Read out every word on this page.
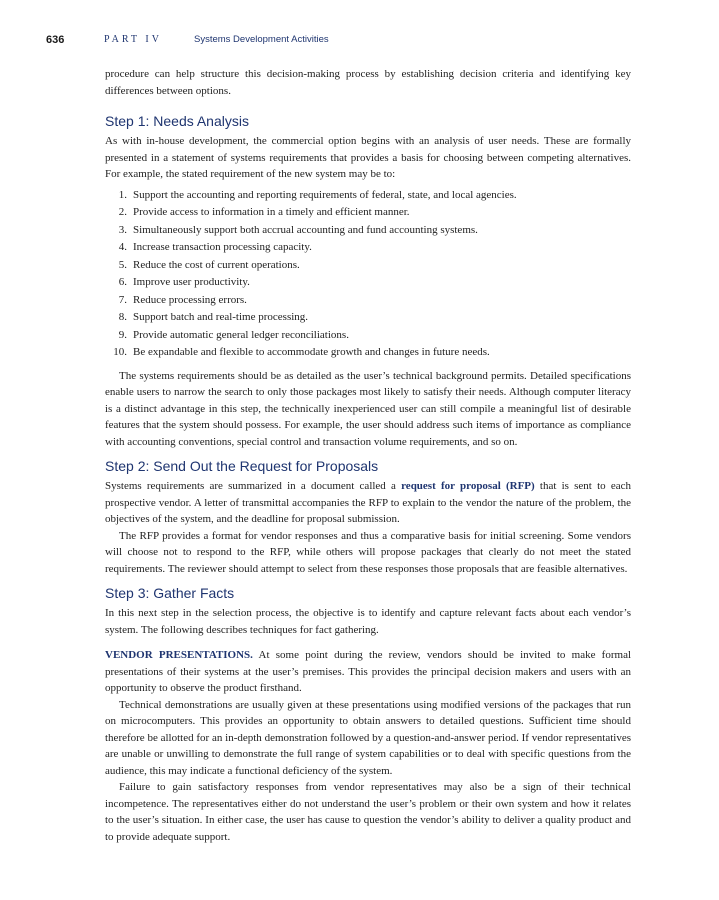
636	PART IV	Systems Development Activities

procedure can help structure this decision-making process by establishing decision criteria and identifying key differences between options.

Step 1: Needs Analysis

As with in-house development, the commercial option begins with an analysis of user needs. These are formally presented in a statement of systems requirements that provides a basis for choosing between competing alternatives. For example, the stated requirement of the new system may be to:

1. Support the accounting and reporting requirements of federal, state, and local agencies.
2. Provide access to information in a timely and efficient manner.
3. Simultaneously support both accrual accounting and fund accounting systems.
4. Increase transaction processing capacity.
5. Reduce the cost of current operations.
6. Improve user productivity.
7. Reduce processing errors.
8. Support batch and real-time processing.
9. Provide automatic general ledger reconciliations.
10. Be expandable and flexible to accommodate growth and changes in future needs.

The systems requirements should be as detailed as the user’s technical background permits. Detailed specifications enable users to narrow the search to only those packages most likely to satisfy their needs. Although computer literacy is a distinct advantage in this step, the technically inexperienced user can still compile a meaningful list of desirable features that the system should possess. For example, the user should address such items of importance as compliance with accounting conventions, special control and transaction volume requirements, and so on.

Step 2: Send Out the Request for Proposals

Systems requirements are summarized in a document called a request for proposal (RFP) that is sent to each prospective vendor. A letter of transmittal accompanies the RFP to explain to the vendor the nature of the problem, the objectives of the system, and the deadline for proposal submission.

The RFP provides a format for vendor responses and thus a comparative basis for initial screening. Some vendors will choose not to respond to the RFP, while others will propose packages that clearly do not meet the stated requirements. The reviewer should attempt to select from these responses those proposals that are feasible alternatives.

Step 3: Gather Facts

In this next step in the selection process, the objective is to identify and capture relevant facts about each vendor’s system. The following describes techniques for fact gathering.

VENDOR PRESENTATIONS. At some point during the review, vendors should be invited to make formal presentations of their systems at the user’s premises. This provides the principal decision makers and users with an opportunity to observe the product firsthand.

Technical demonstrations are usually given at these presentations using modified versions of the packages that run on microcomputers. This provides an opportunity to obtain answers to detailed questions. Sufficient time should therefore be allotted for an in-depth demonstration followed by a question-and-answer period. If vendor representatives are unable or unwilling to demonstrate the full range of system capabilities or to deal with specific questions from the audience, this may indicate a functional deficiency of the system.

Failure to gain satisfactory responses from vendor representatives may also be a sign of their technical incompetence. The representatives either do not understand the user’s problem or their own system and how it relates to the user’s situation. In either case, the user has cause to question the vendor’s ability to deliver a quality product and to provide adequate support.
